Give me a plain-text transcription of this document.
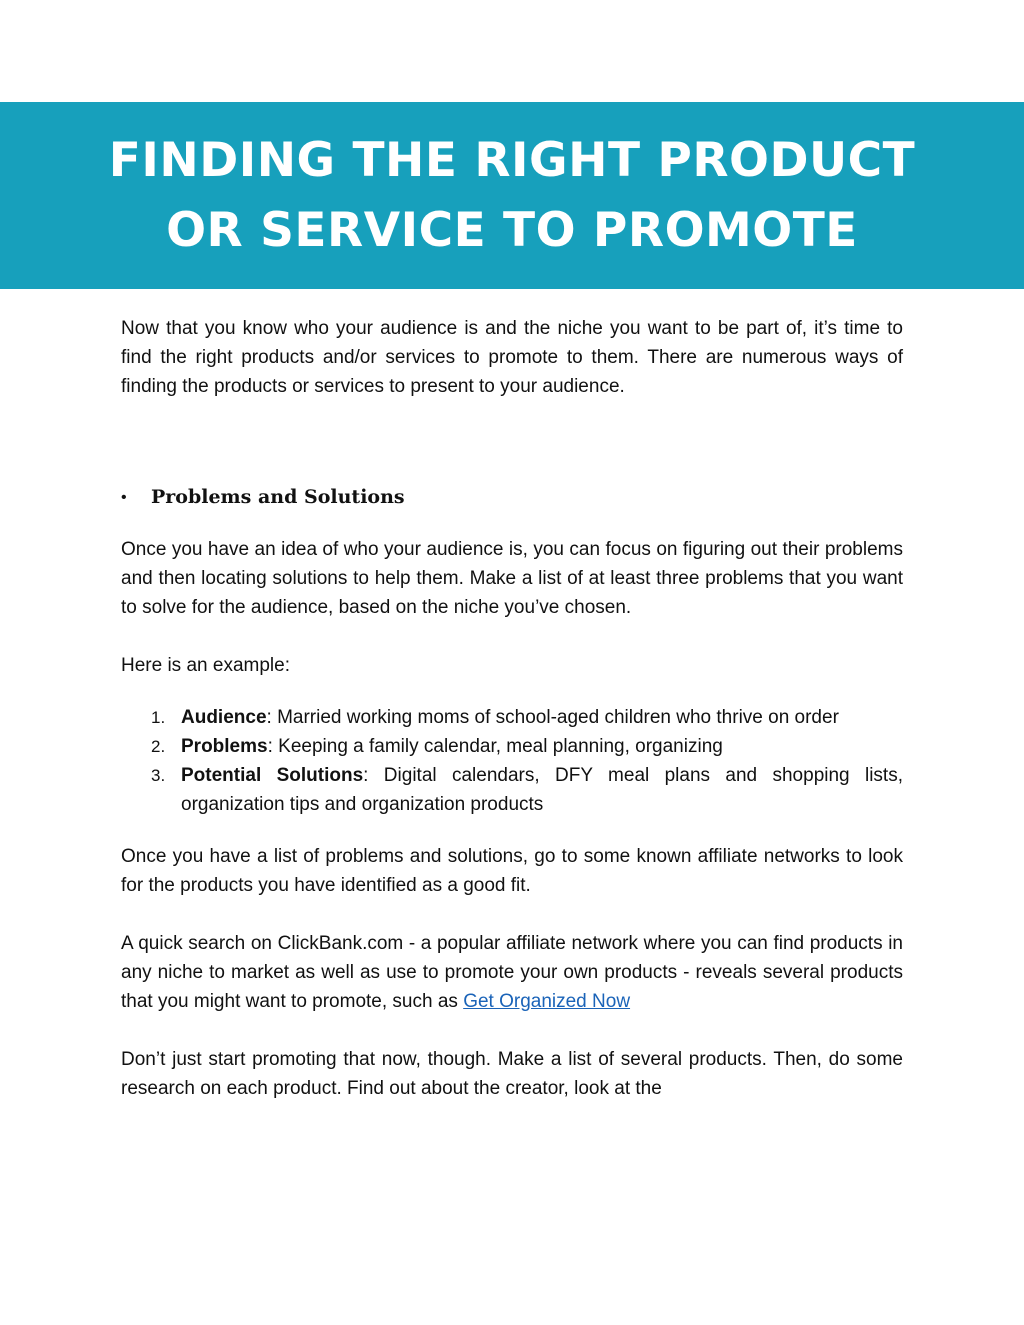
FINDING THE RIGHT PRODUCT
OR SERVICE TO PROMOTE

Now that you know who your audience is and the niche you want to be part of, it’s time to find the right products and/or services to promote to them. There are numerous ways of finding the products or services to present to your audience.

•	Problems and Solutions

Once you have an idea of who your audience is, you can focus on figuring out their problems and then locating solutions to help them. Make a list of at least three problems that you want to solve for the audience, based on the niche you’ve chosen.

Here is an example:

1. Audience: Married working moms of school-aged children who thrive on order
2. Problems: Keeping a family calendar, meal planning, organizing
3. Potential Solutions: Digital calendars, DFY meal plans and shopping lists, organization tips and organization products

Once you have a list of problems and solutions, go to some known affiliate networks to look for the products you have identified as a good fit.

A quick search on ClickBank.com - a popular affiliate network where you can find products in any niche to market as well as use to promote your own products - reveals several products that you might want to promote, such as Get Organized Now

Don’t just start promoting that now, though. Make a list of several products. Then, do some research on each product. Find out about the creator, look at the
